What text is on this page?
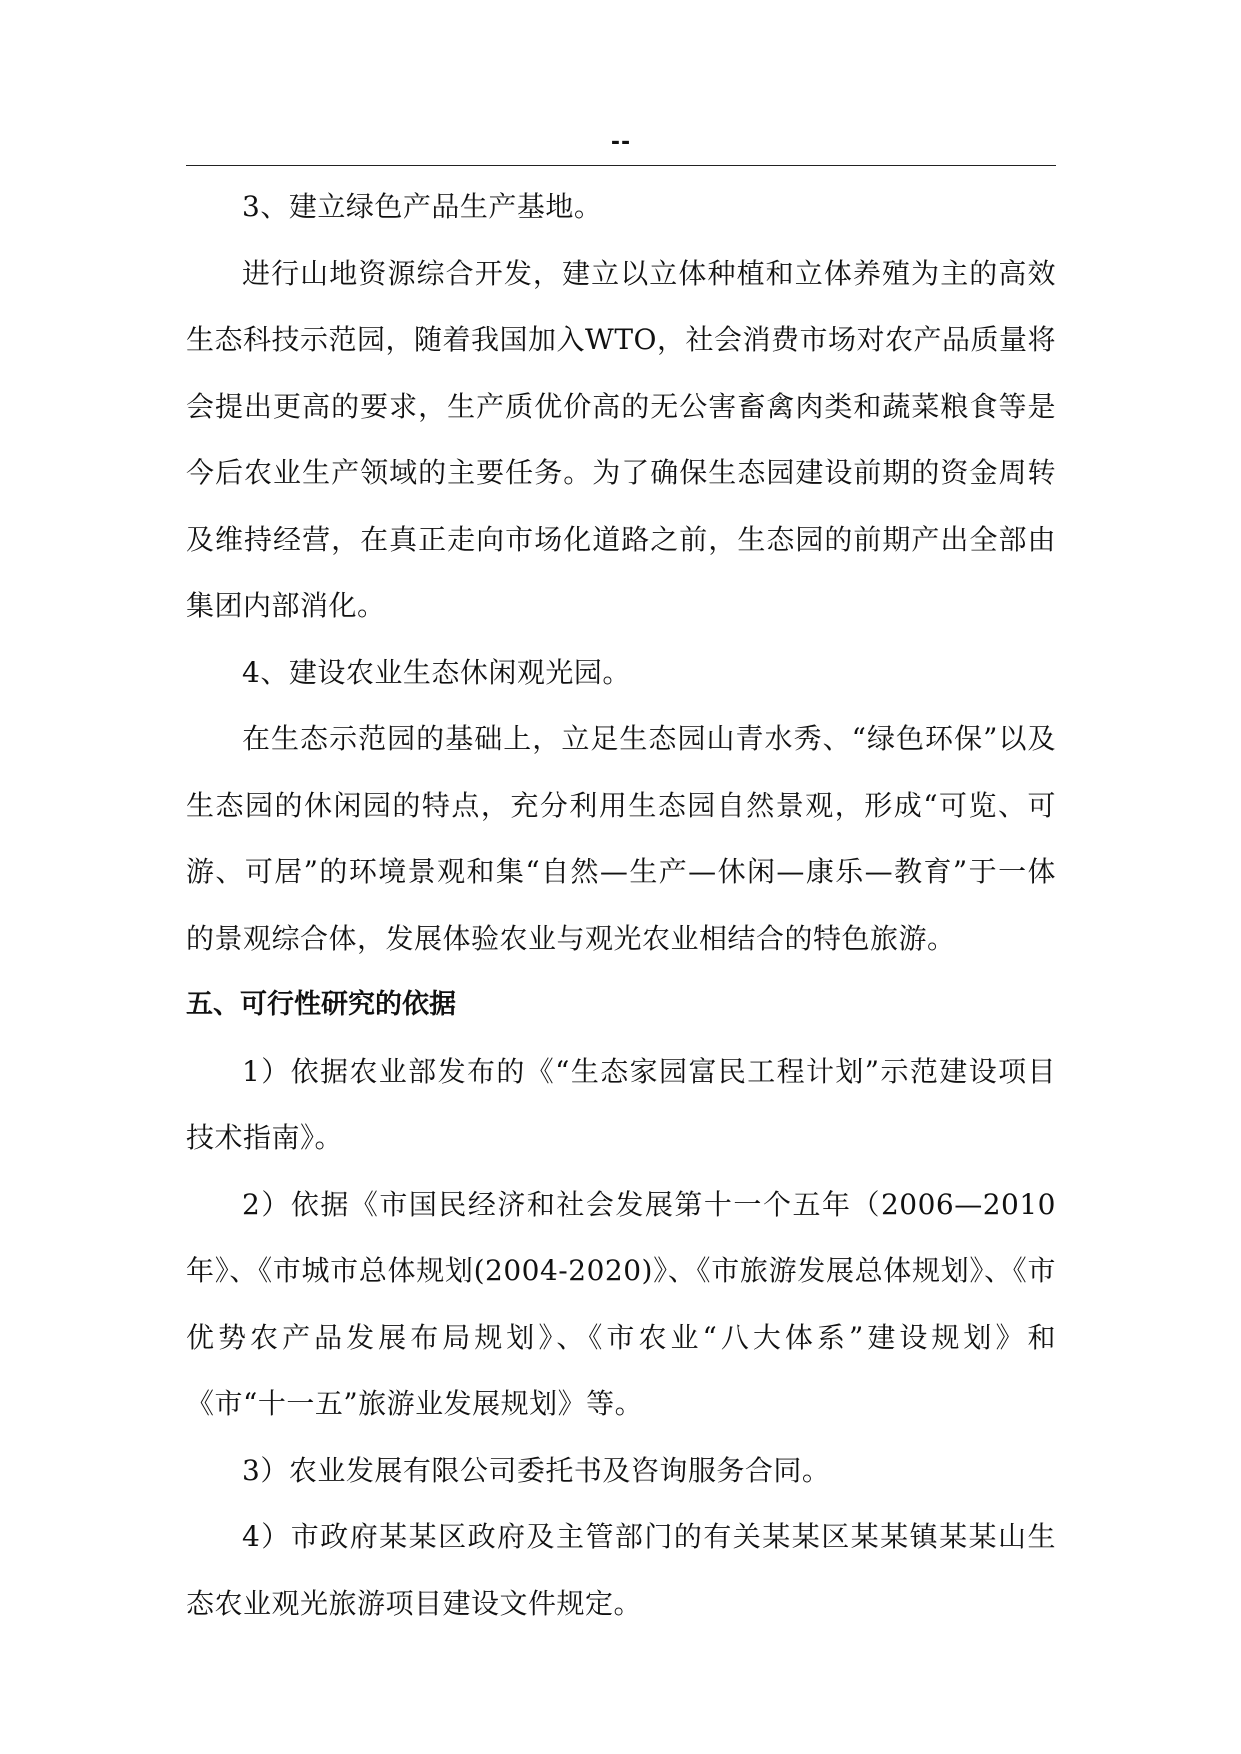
--

3、建立绿色产品生产基地。

进行山地资源综合开发，建立以立体种植和立体养殖为主的高效生态科技示范园，随着我国加入WTO，社会消费市场对农产品质量将会提出更高的要求，生产质优价高的无公害畜禽肉类和蔬菜粮食等是今后农业生产领域的主要任务。为了确保生态园建设前期的资金周转及维持经营，在真正走向市场化道路之前，生态园的前期产出全部由集团内部消化。

4、建设农业生态休闲观光园。

在生态示范园的基础上，立足生态园山青水秀、“绿色环保”以及生态园的休闲园的特点，充分利用生态园自然景观，形成“可览、可游、可居”的环境景观和集“自然—生产—休闲—康乐—教育”于一体的景观综合体，发展体验农业与观光农业相结合的特色旅游。

五、可行性研究的依据

1）依据农业部发布的《“生态家园富民工程计划”示范建设项目技术指南》。

2）依据《市国民经济和社会发展第十一个五年（2006—2010年》、《市城市总体规划(2004-2020)》、《市旅游发展总体规划》、《市优势农产品发展布局规划》、《市农业“八大体系”建设规划》和《市“十一五”旅游业发展规划》等。

3）农业发展有限公司委托书及咨询服务合同。

4）市政府某某区政府及主管部门的有关某某区某某镇某某山生态农业观光旅游项目建设文件规定。
